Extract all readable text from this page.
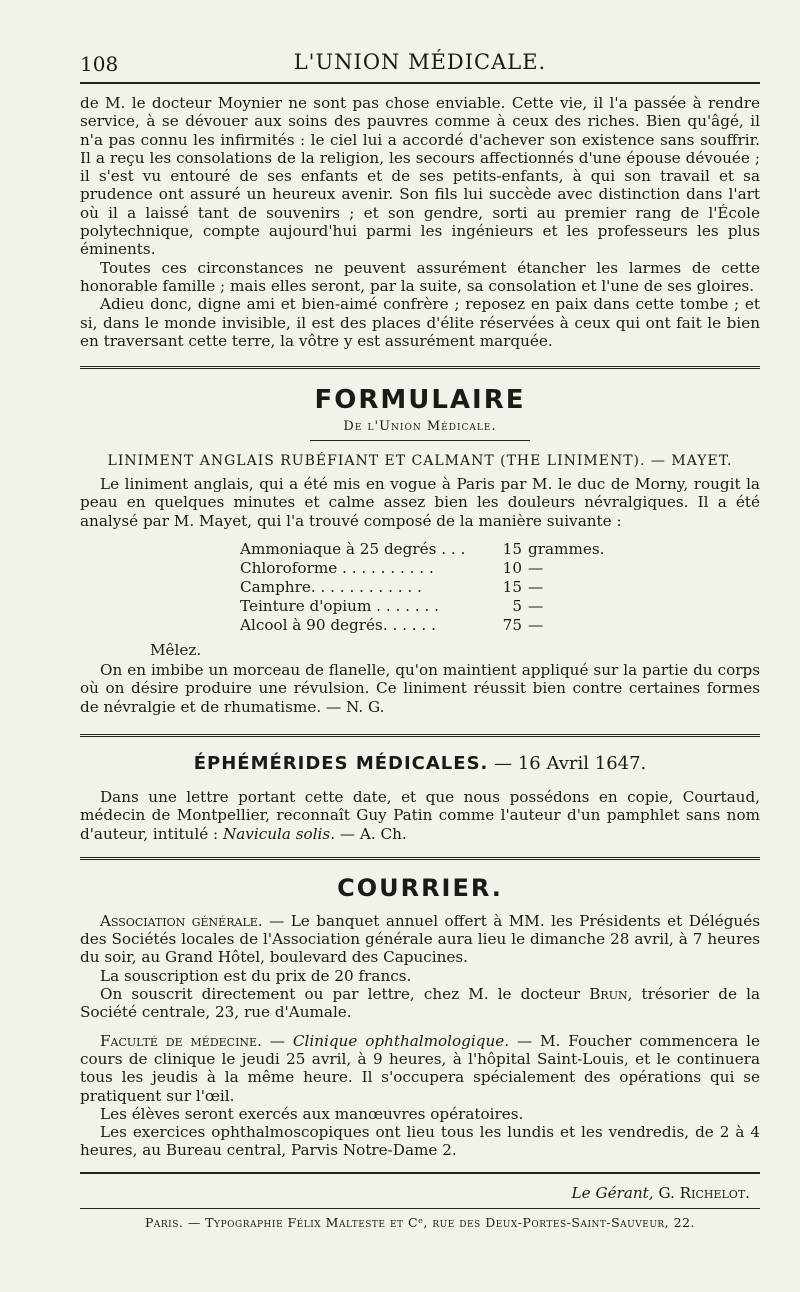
108	L'UNION MÉDICALE.

de M. le docteur Moynier ne sont pas chose enviable. Cette vie, il l'a passée à rendre service, à se dévouer aux soins des pauvres comme à ceux des riches. Bien qu'âgé, il n'a pas connu les infirmités : le ciel lui a accordé d'achever son existence sans souffrir. Il a reçu les consolations de la religion, les secours affectionnés d'une épouse dévouée ; il s'est vu entouré de ses enfants et de ses petits-enfants, à qui son travail et sa prudence ont assuré un heureux avenir. Son fils lui succède avec distinction dans l'art où il a laissé tant de souvenirs ; et son gendre, sorti au premier rang de l'École polytechnique, compte aujourd'hui parmi les ingénieurs et les professeurs les plus éminents.

Toutes ces circonstances ne peuvent assurément étancher les larmes de cette honorable famille ; mais elles seront, par la suite, sa consolation et l'une de ses gloires.

Adieu donc, digne ami et bien-aimé confrère ; reposez en paix dans cette tombe ; et si, dans le monde invisible, il est des places d'élite réservées à ceux qui ont fait le bien en traversant cette terre, la vôtre y est assurément marquée.

FORMULAIRE
De l'Union Médicale.
LINIMENT ANGLAIS RUBÉFIANT ET CALMANT (THE LINIMENT). — MAYET.

Le liniment anglais, qui a été mis en vogue à Paris par M. le duc de Morny, rougit la peau en quelques minutes et calme assez bien les douleurs névralgiques. Il a été analysé par M. Mayet, qui l'a trouvé composé de la manière suivante :

Ammoniaque à 25 degrés . . .	15	grammes.
Chloroforme . . . . . . . . . .	10	—
Camphre. . . . . . . . . . . .	15	—
Teinture d'opium . . . . . . .	5	—
Alcool à 90 degrés. . . . . .	75	—
Mêlez.

On en imbibe un morceau de flanelle, qu'on maintient appliqué sur la partie du corps où on désire produire une révulsion. Ce liniment réussit bien contre certaines formes de névralgie et de rhumatisme. — N. G.

ÉPHÉMÉRIDES MÉDICALES. — 16 Avril 1647.

Dans une lettre portant cette date, et que nous possédons en copie, Courtaud, médecin de Montpellier, reconnaît Guy Patin comme l'auteur d'un pamphlet sans nom d'auteur, intitulé : Navicula solis. — A. Ch.

COURRIER.

Association générale. — Le banquet annuel offert à MM. les Présidents et Délégués des Sociétés locales de l'Association générale aura lieu le dimanche 28 avril, à 7 heures du soir, au Grand Hôtel, boulevard des Capucines.

La souscription est du prix de 20 francs.

On souscrit directement ou par lettre, chez M. le docteur Brun, trésorier de la Société centrale, 23, rue d'Aumale.

Faculté de médecine. — Clinique ophthalmologique. — M. Foucher commencera le cours de clinique le jeudi 25 avril, à 9 heures, à l'hôpital Saint-Louis, et le continuera tous les jeudis à la même heure. Il s'occupera spécialement des opérations qui se pratiquent sur l'œil.

Les élèves seront exercés aux manœuvres opératoires.

Les exercices ophthalmoscopiques ont lieu tous les lundis et les vendredis, de 2 à 4 heures, au Bureau central, Parvis Notre-Dame 2.

Le Gérant, G. Richelot.
Paris. — Typographie Félix Malteste et Cᵉ, rue des Deux-Portes-Saint-Sauveur, 22.
